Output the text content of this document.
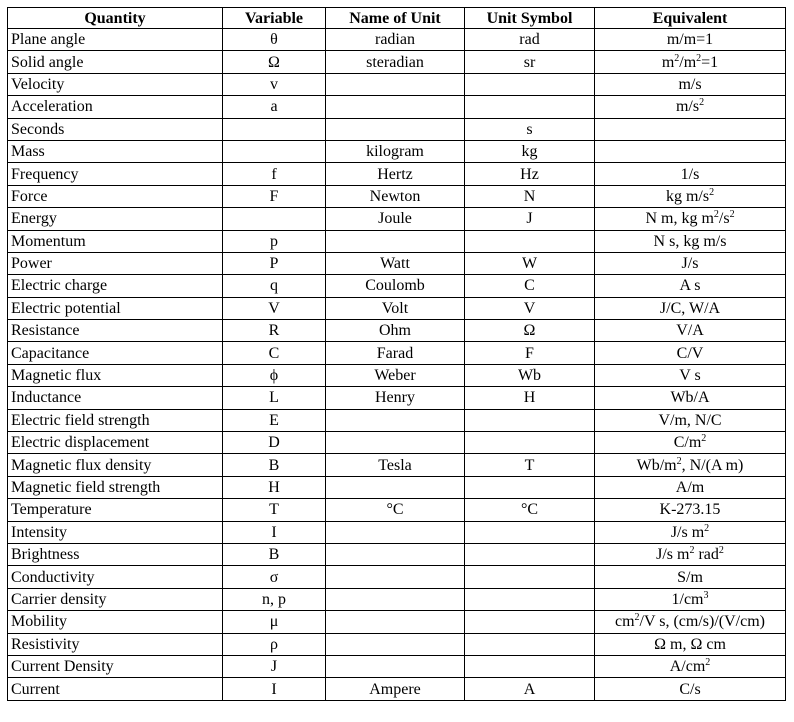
Quantity	Variable	Name of Unit	Unit Symbol	Equivalent
Plane angle	θ	radian	rad	m/m=1
Solid angle	Ω	steradian	sr	$m^2/m^2=1$
Velocity	v			m/s
Acceleration	a			$m/s^2$
Seconds			s	
Mass		kilogram	kg	
Frequency	f	Hertz	Hz	1/s
Force	F	Newton	N	kg $m/s^2$
Energy		Joule	J	N m, kg $m^2/s^2$
Momentum	p			N s, kg m/s
Power	P	Watt	W	J/s
Electric charge	q	Coulomb	C	A s
Electric potential	V	Volt	V	J/C, W/A
Resistance	R	Ohm	Ω	V/A
Capacitance	C	Farad	F	C/V
Magnetic flux	ϕ	Weber	Wb	V s
Inductance	L	Henry	H	Wb/A
Electric field strength	E			V/m, N/C
Electric displacement	D			$C/m^2$
Magnetic flux density	B	Tesla	T	$Wb/m^2$, N/(A m)
Magnetic field strength	H			A/m
Temperature	T	°C	°C	K-273.15
Intensity	I			J/s $m^2$
Brightness	B			J/s $m^2$ rad$^2$
Conductivity	σ			S/m
Carrier density	n, p			$1/cm^3$
Mobility	μ			$cm^2/V$ s, (cm/s)/(V/cm)
Resistivity	ρ			Ω m, Ω cm
Current Density	J			$A/cm^2$
Current	I	Ampere	A	C/s
